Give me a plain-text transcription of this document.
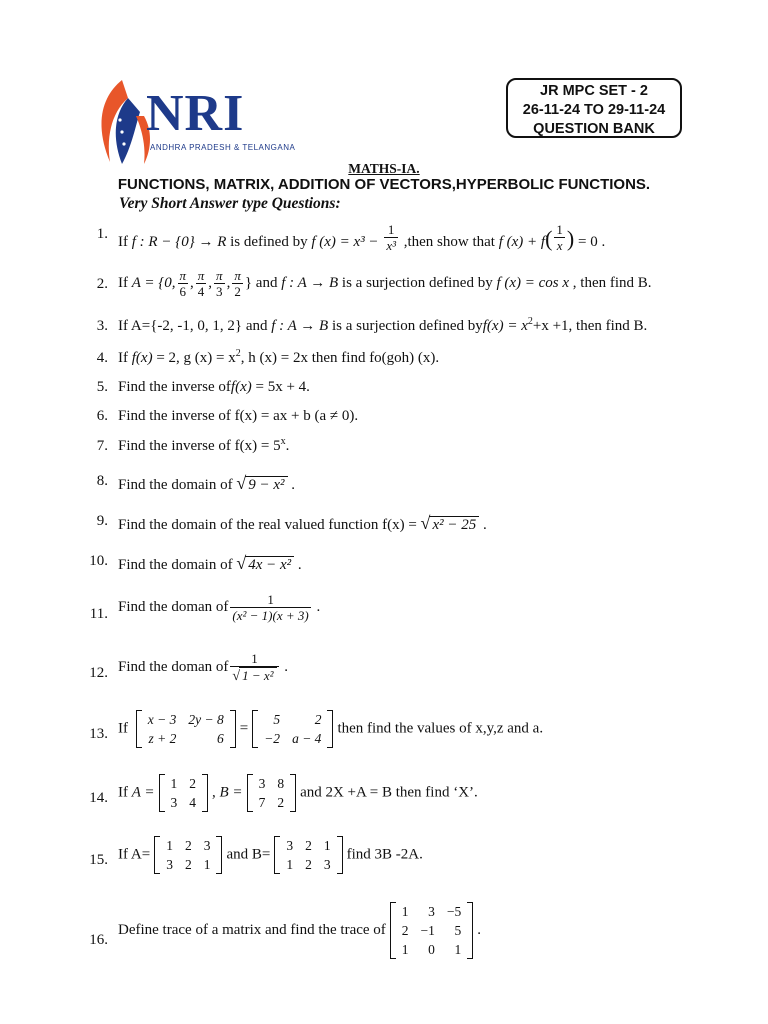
NRI
ANDHRA PRADESH & TELANGANA
JR MPC SET - 2
26-11-24 TO 29-11-24
QUESTION BANK
MATHS-IA.
FUNCTIONS, MATRIX, ADDITION OF VECTORS,HYPERBOLIC FUNCTIONS.
Very Short Answer type Questions:
1. If f : R − {0} → R is defined by f $(x) = x^3 - \frac{1}{\text{x³}}$ ,then show that f $(x) + f( \frac{1}{x}$ ) = 0 .
2. If A = {0, $\frac{\pi}{6}$ , $\frac{\pi}{4}$ , $\frac{\pi}{3}$ , $\frac{\pi}{2}$ } and f : A → B is a surjection defined by f (x) = cos x , then find B.
3. If A={-2, -1, 0, 1, 2} and f : A → B is a surjection defined $byf(x) = x^2+x +1$, then find B.
4. If f(x) = 2, g $(x) = x^2$, h (x) = 2x then find fo(goh) (x).
5. Find the inverse off(x) = 5x + 4.
6. Find the inverse of f(x) = ax + b (a ≠ 0).
7. Find the inverse of $f(x) = 5^x$.
8. Find the domain of √ 9 − x² .
9. Find the domain of the real valued function f(x) = √ x² − 25 .
10. Find the domain of √ 4x − x² .
11. Find the doman of $\frac{1}{\text{(x² − 1)(x + 3)}}$ .
12. Find the doman of $\frac{1}{\text{√ 1 − x²}}$ .
13. If
x − 3	2y − 8
z + 2	6
=
5	2
−2	a − 4
then find the values of x,y,z and a.
14. If A =
1	2
3	4
, B =
3	8
7	2
and 2X +A = B then find ‘X’.
15. If A=
1	2	3
3	2	1
and B=
3	2	1
1	2	3
find 3B -2A.
16.
Define trace of a matrix and find the trace of
1	3	−5
2	−1	5
1	0	1
.
